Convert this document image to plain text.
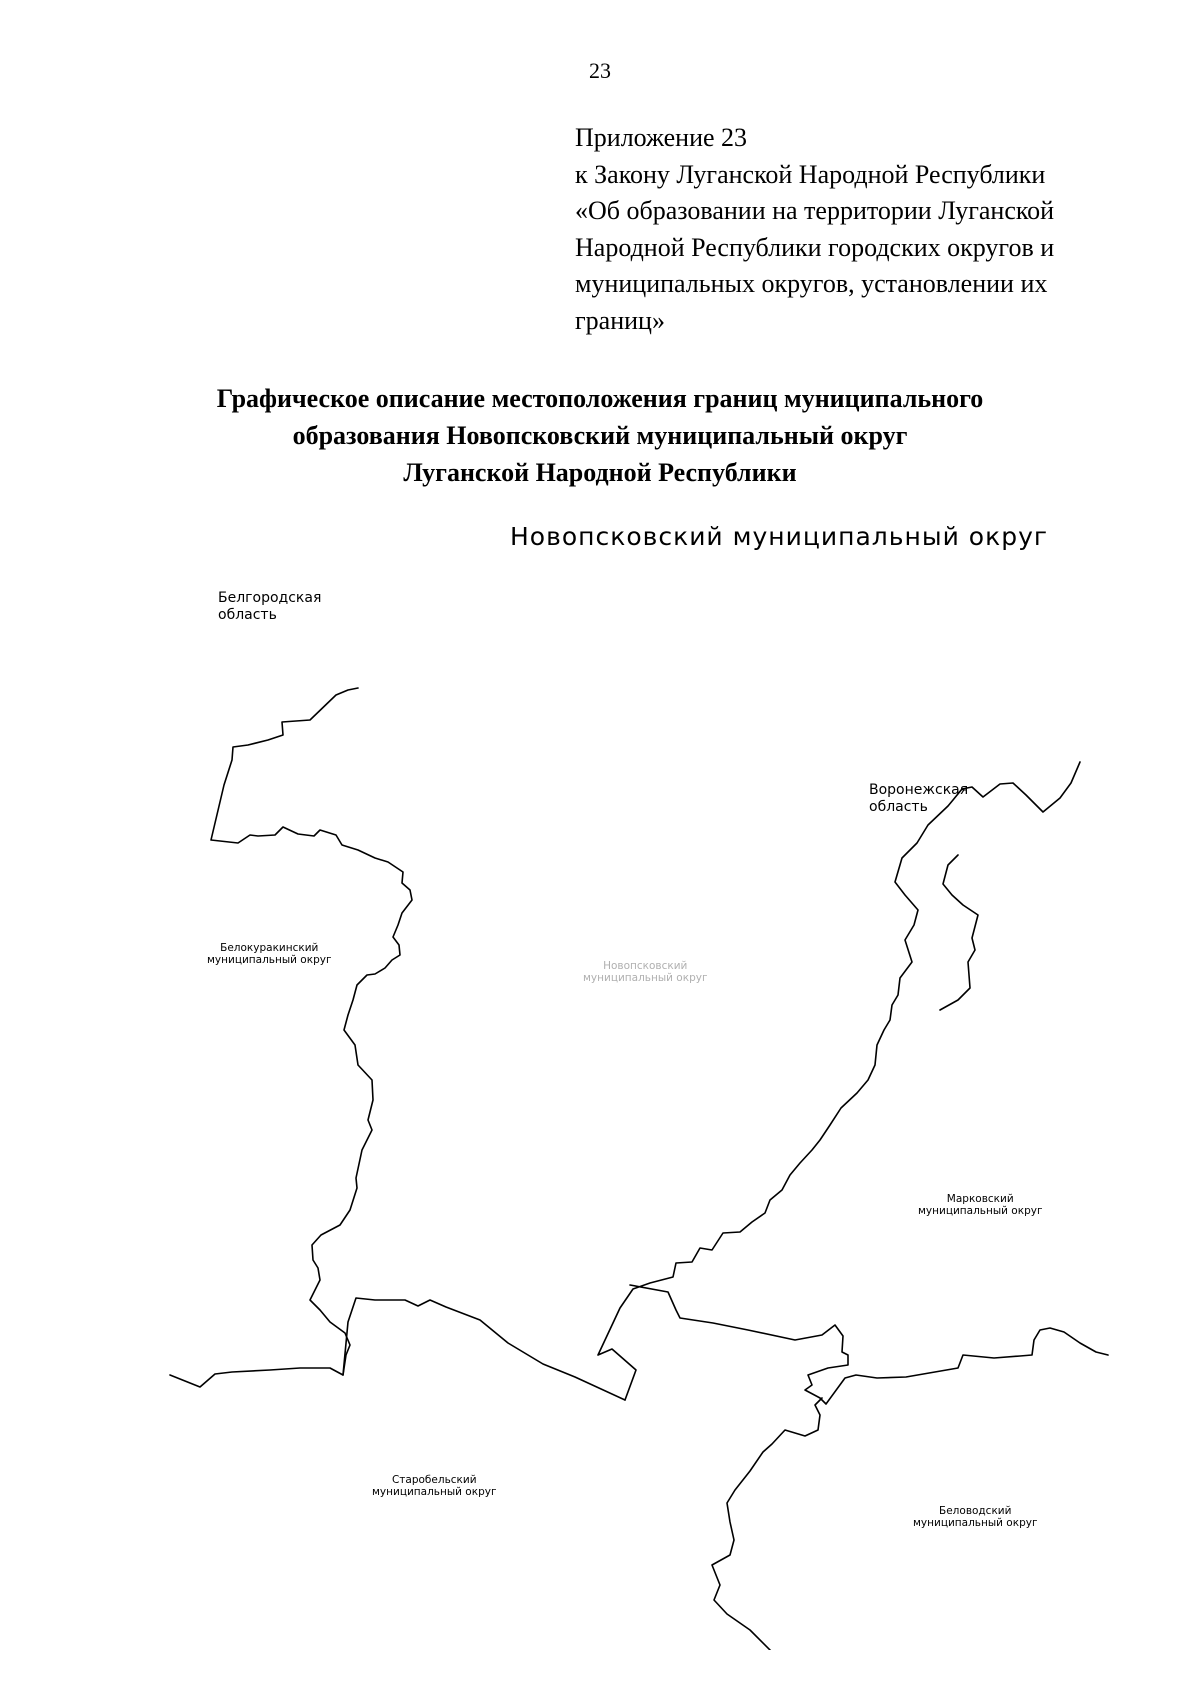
23
Приложение 23
к Закону Луганской Народной Республики
«Об образовании на территории Луганской
Народной Республики городских округов и
муниципальных округов, установлении их
границ»
Графическое описание местоположения границ муниципального
образования Новопсковский муниципальный округ
Луганской Народной Республики
Новопсковский муниципальный округ
Белгородская
область
Воронежская
область
Белокуракинский
муниципальный округ	Новопсковский
муниципальный округ
Марковский
муниципальный округ
Старобельский
муниципальный округ
Беловодский
муниципальный округ
